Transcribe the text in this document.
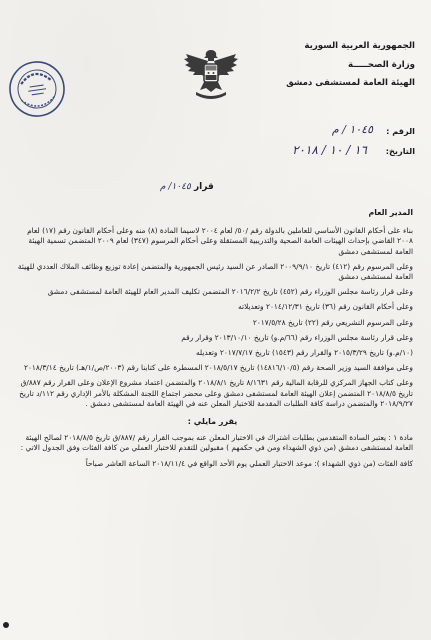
الجمهورية العربية السورية
وزارة الصحـــــة
الهيئة العامة لمستشفى دمشق
الرقم :
١٠٤٥ / م
التاريخ:
١٦ / ١٠ / ٢٠١٨
قرار ١٠٤٥/ م

المدير العام

بناء على أحكام القانون الأساسي للعاملين بالدولة رقم /٥٠/ لعام ٢٠٠٤ لاسيما المادة (٨) منه وعلى أحكام القانون رقم (١٧) لعام ٢٠٠٨ القاضي بإحداث الهيئات العامة الصحية والتدريبية المستقلة وعلى أحكام المرسوم (٣٤٧) لعام ٢٠٠٩ المتضمن تسمية الهيئة العامة لمستشفى دمشق

وعلى المرسوم رقم (٤١٢) تاريخ ٢٠٠٩/٩/١٠ الصادر عن السيد رئيس الجمهورية والمتضمن إعادة توزيع وظائف الملاك العددي للهيئة العامة لمستشفى دمشق

وعلى قرار رئاسة مجلس الوزراء رقم (٤٥٢) تاريخ ٢٠١٦/٢/٢ المتضمن تكليف المدير العام للهيئة العامة لمستشفى دمشق

وعلى أحكام القانون رقم (٣٦) تاريخ ٢٠١٤/١٢/٣١ وتعديلاته

وعلى المرسوم التشريعي رقم (٢٢) تاريخ ٢٠١٧/٥/٢٨

وعلى قرار رئاسة مجلس الوزراء رقم (٦٦/م.و) تاريخ ٢٠١٣/١٠/١٠ وقرار رقم

(١٠/م.و) تاريخ ٢٠١٥/٣/٢٩ والقرار رقم (١٥٤٣) تاريخ ٢٠١٧/٧/١٧ وتعديله

وعلى موافقة السيد وزير الصحة رقم (١٤٨١٦/١٠/٥) تاريخ ٢٠١٨/٥/١٧ المسطرة على كتابنا رقم (٢٠٠٣/ص/١/هـ) تاريخ ٢٠١٨/٣/١٤

وعلى كتاب الجهاز المركزي للرقابة المالية رقم ٨/١٦٣١ تاريخ ٢٠١٨/٨/١ والمتضمن اعتماد مشروع الإعلان وعلى القرار رقم ٨٨٧/ق تاريخ ٢٠١٨/٨/٥ المتضمن إعلان الهيئة العامة لمستشفى دمشق وعلى محضر اجتماع اللجنة المشكلة بالأمر الإداري رقم ١١٢/د تاريخ ٢٠١٨/٩/٢٧ والمتضمن دراسة كافة الطلبات المقدمة للاختبار المعلن عنه في الهيئة العامة لمستشفى دمشق .

يقرر مايلي :

مادة ١ : يعتبر السادة المتقدمين بطلبات اشتراك في الاختبار المعلن عنه بموجب القرار رقم /٨٨٧/ق تاريخ ٢٠١٨/٨/٥ لصالح الهيئة العامة لمستشفى دمشق (من ذوي الشهداء ومن في حكمهم ) مقبولين للتقدم للاختبار العملي من كافة الفئات وفق الجدول الاتي :

كافة الفئات (من ذوي الشهداء ): موعد الاختبار العملي يوم الأحد الواقع في ٢٠١٨/١١/٤ الساعة العاشر صباحاً
